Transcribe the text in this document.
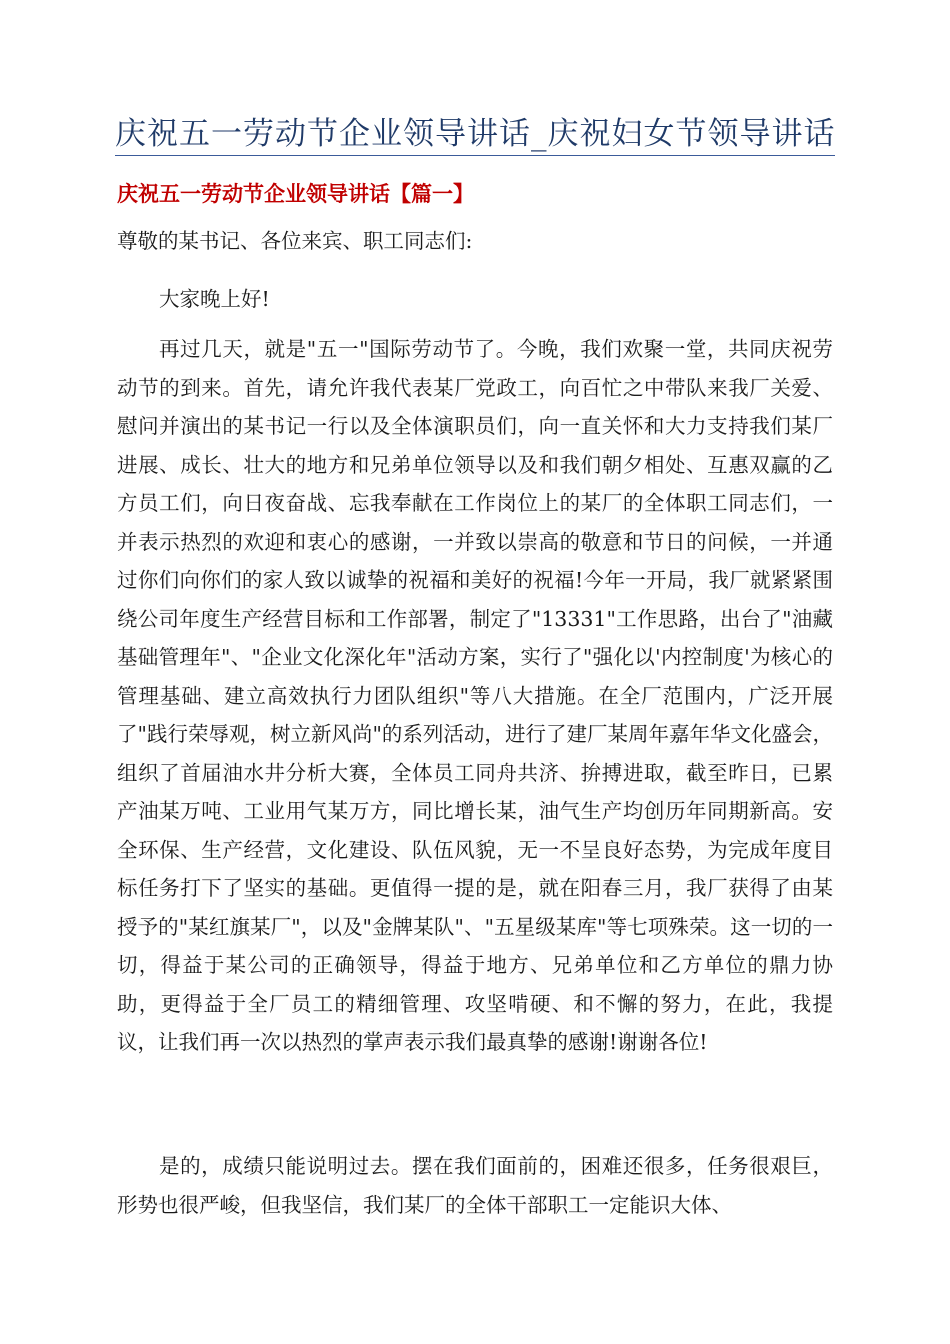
庆祝五一劳动节企业领导讲话_庆祝妇女节领导讲话
庆祝五一劳动节企业领导讲话【篇一】

尊敬的某书记、各位来宾、职工同志们:

大家晚上好!

再过几天，就是"五一"国际劳动节了。今晚，我们欢聚一堂，共同庆祝劳动节的到来。首先，请允许我代表某厂党政工，向百忙之中带队来我厂关爱、慰问并演出的某书记一行以及全体演职员们，向一直关怀和大力支持我们某厂进展、成长、壮大的地方和兄弟单位领导以及和我们朝夕相处、互惠双赢的乙方员工们，向日夜奋战、忘我奉献在工作岗位上的某厂的全体职工同志们，一并表示热烈的欢迎和衷心的感谢，一并致以崇高的敬意和节日的问候，一并通过你们向你们的家人致以诚挚的祝福和美好的祝福!今年一开局，我厂就紧紧围绕公司年度生产经营目标和工作部署，制定了"13331"工作思路，出台了"油藏基础管理年"、"企业文化深化年"活动方案，实行了"强化以'内控制度'为核心的管理基础、建立高效执行力团队组织"等八大措施。在全厂范围内，广泛开展了"践行荣辱观，树立新风尚"的系列活动，进行了建厂某周年嘉年华文化盛会，组织了首届油水井分析大赛，全体员工同舟共济、拚搏进取，截至昨日，已累产油某万吨、工业用气某万方，同比增长某，油气生产均创历年同期新高。安全环保、生产经营，文化建设、队伍风貌，无一不呈良好态势，为完成年度目标任务打下了坚实的基础。更值得一提的是，就在阳春三月，我厂获得了由某授予的"某红旗某厂"，以及"金牌某队"、"五星级某库"等七项殊荣。这一切的一切，得益于某公司的正确领导，得益于地方、兄弟单位和乙方单位的鼎力协助，更得益于全厂员工的精细管理、攻坚啃硬、和不懈的努力，在此，我提议，让我们再一次以热烈的掌声表示我们最真挚的感谢!谢谢各位!

是的，成绩只能说明过去。摆在我们面前的，困难还很多，任务很艰巨，形势也很严峻，但我坚信，我们某厂的全体干部职工一定能识大体、
